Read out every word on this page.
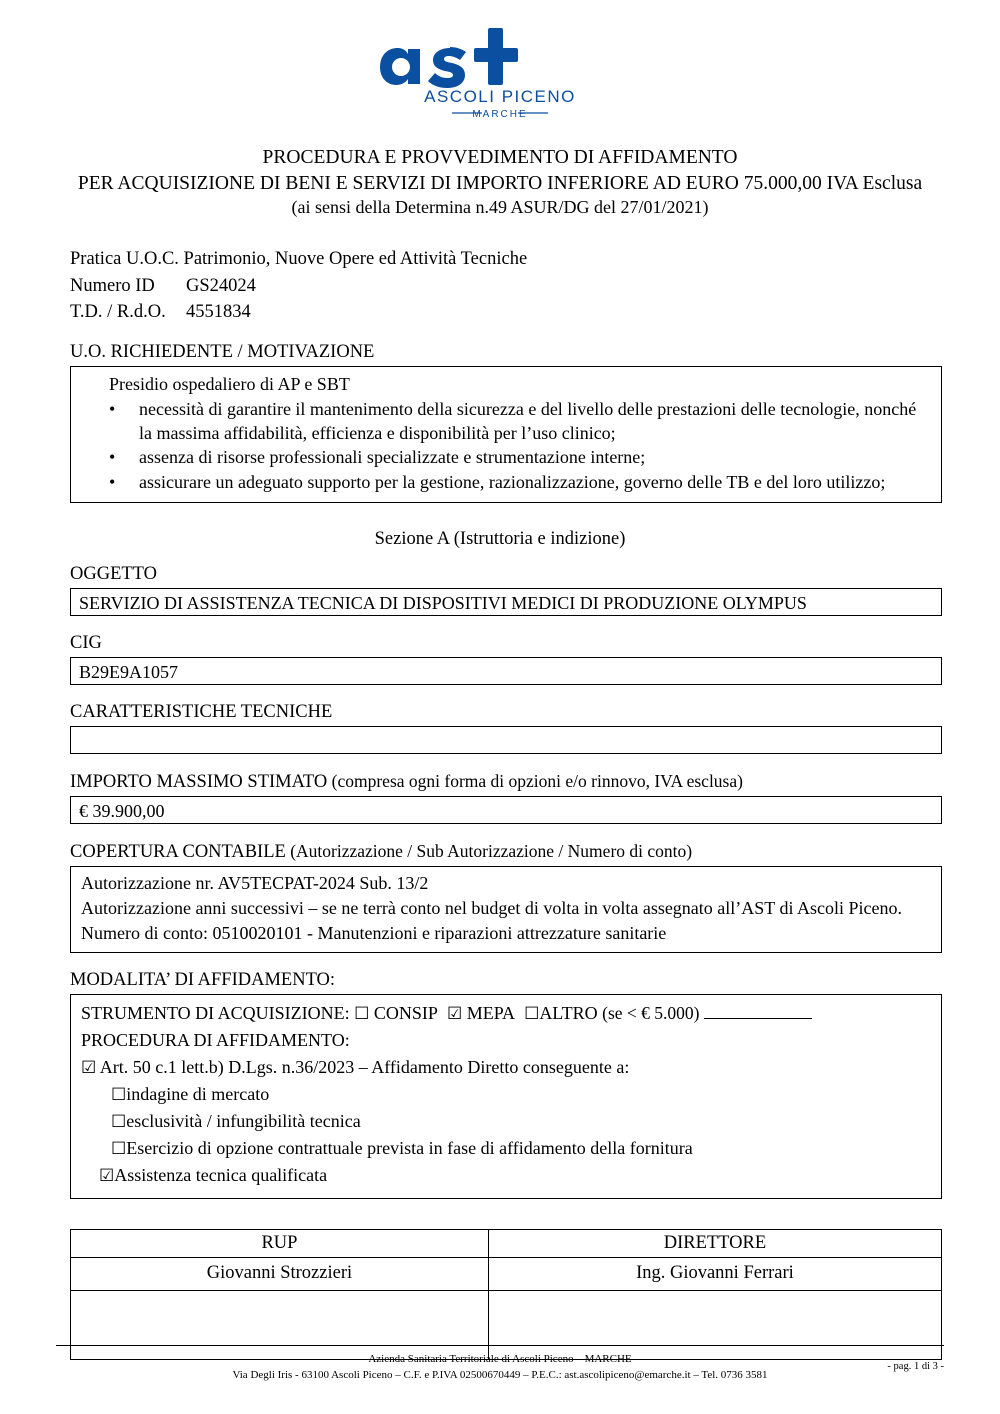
ASCOLI PICENO
MARCHE
PROCEDURA E PROVVEDIMENTO DI AFFIDAMENTO
PER ACQUISIZIONE DI BENI E SERVIZI DI IMPORTO INFERIORE AD EURO 75.000,00 IVA Esclusa
(ai sensi della Determina n.49 ASUR/DG del 27/01/2021)
Pratica U.O.C. Patrimonio, Nuove Opere ed Attività Tecniche
Numero ID	GS24024
T.D. / R.d.O.	4551834
U.O. RICHIEDENTE / MOTIVAZIONE
Presidio ospedaliero di AP e SBT
• necessità di garantire il mantenimento della sicurezza e del livello delle prestazioni delle tecnologie, nonché la massima affidabilità, efficienza e disponibilità per l’uso clinico;
• assenza di risorse professionali specializzate e strumentazione interne;
• assicurare un adeguato supporto per la gestione, razionalizzazione, governo delle TB e del loro utilizzo;
Sezione A (Istruttoria e indizione)
OGGETTO
SERVIZIO DI ASSISTENZA TECNICA DI DISPOSITIVI MEDICI DI PRODUZIONE OLYMPUS
CIG
B29E9A1057
CARATTERISTICHE TECNICHE
IMPORTO MASSIMO STIMATO (compresa ogni forma di opzioni e/o rinnovo, IVA esclusa)
€ 39.900,00
COPERTURA CONTABILE (Autorizzazione / Sub Autorizzazione / Numero di conto)
Autorizzazione nr. AV5TECPAT-2024 Sub. 13/2
Autorizzazione anni successivi – se ne terrà conto nel budget di volta in volta assegnato all’AST di Ascoli Piceno.
Numero di conto: 0510020101 - Manutenzioni e riparazioni attrezzature sanitarie
MODALITA’ DI AFFIDAMENTO:
STRUMENTO DI ACQUISIZIONE: ☐ CONSIP ☑ MEPA ☐ALTRO (se < € 5.000)
PROCEDURA DI AFFIDAMENTO:
☑ Art. 50 c.1 lett.b) D.Lgs. n.36/2023 – Affidamento Diretto conseguente a:
☐indagine di mercato
☐esclusività / infungibilità tecnica
☐Esercizio di opzione contrattuale prevista in fase di affidamento della fornitura
☑Assistenza tecnica qualificata
RUP	DIRETTORE
Giovanni Strozzieri	Ing. Giovanni Ferrari

Azienda Sanitaria Territoriale di Ascoli Piceno – MARCHE
Via Degli Iris - 63100 Ascoli Piceno – C.F. e P.IVA 02500670449 – P.E.C.: ast.ascolipiceno@emarche.it – Tel. 0736 3581
- pag. 1 di 3 -
